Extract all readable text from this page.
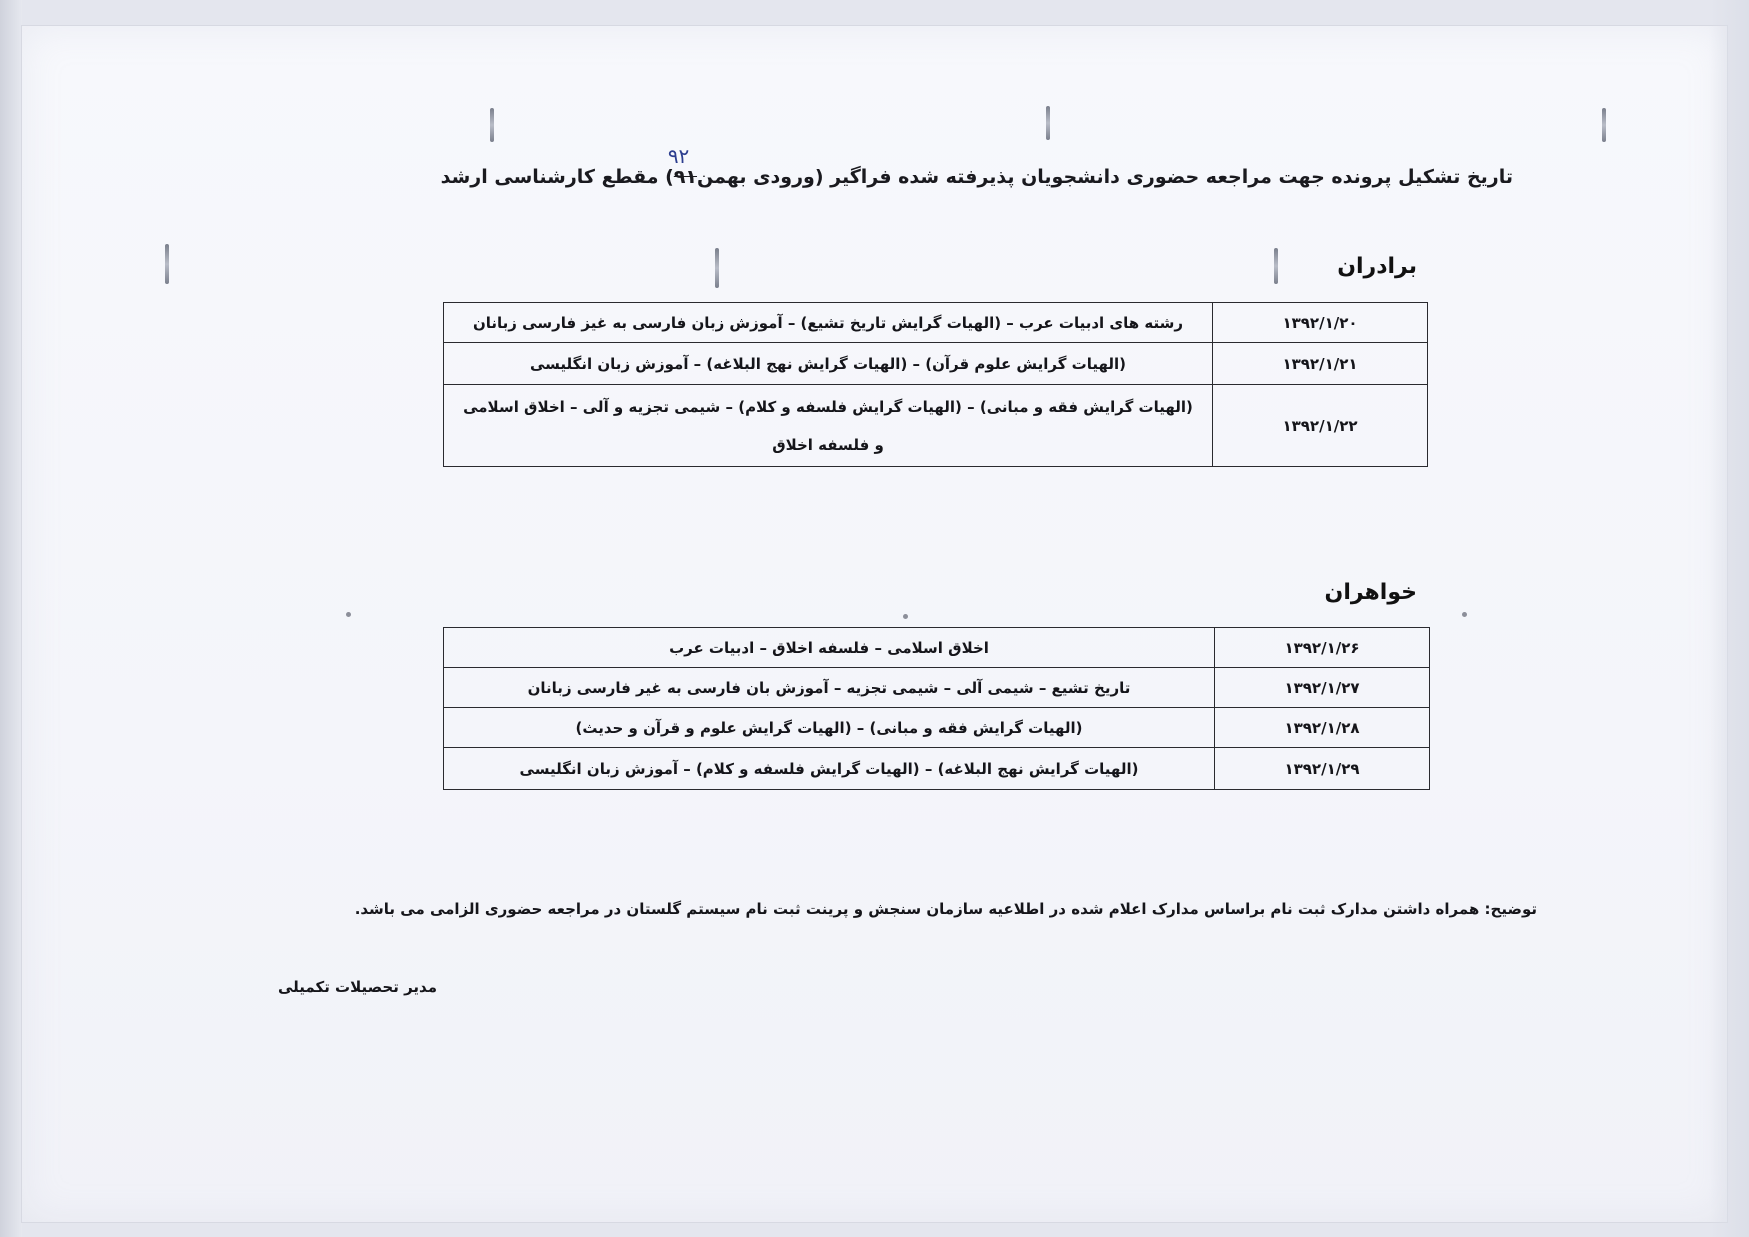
تاریخ تشکیل پرونده جهت مراجعه حضوری دانشجویان پذیرفته شده فراگیر (ورودی بهمن۹۱
۹۲
) مقطع کارشناسی ارشد
برادران
۱۳۹۲/۱/۲۰	رشته های ادبیات عرب – (الهیات گرایش تاریخ تشیع) – آموزش زبان فارسی به غیز فارسی زبانان
۱۳۹۲/۱/۲۱	(الهیات گرایش علوم قرآن) – (الهیات گرایش نهج البلاغه) – آموزش زبان انگلیسی
۱۳۹۲/۱/۲۲	(الهیات گرایش فقه و مبانی) – (الهیات گرایش فلسفه و کلام) – شیمی تجزیه و آلی – اخلاق اسلامی و فلسفه اخلاق
خواهران
۱۳۹۲/۱/۲۶	اخلاق اسلامی – فلسفه اخلاق – ادبیات عرب
۱۳۹۲/۱/۲۷	تاریخ تشیع – شیمی آلی – شیمی تجزیه – آموزش بان فارسی به غیر فارسی زبانان
۱۳۹۲/۱/۲۸	(الهیات گرایش فقه و مبانی) – (الهیات گرایش علوم و قرآن و حدیث)
۱۳۹۲/۱/۲۹	(الهیات گرایش نهج البلاغه) – (الهیات گرایش فلسفه و کلام) – آموزش زبان انگلیسی
توضیح: همراه داشتن مدارک ثبت نام براساس مدارک اعلام شده در اطلاعیه سازمان سنجش و پرینت ثبت نام سیستم گلستان در مراجعه حضوری الزامی می باشد.
مدیر تحصیلات تکمیلی
